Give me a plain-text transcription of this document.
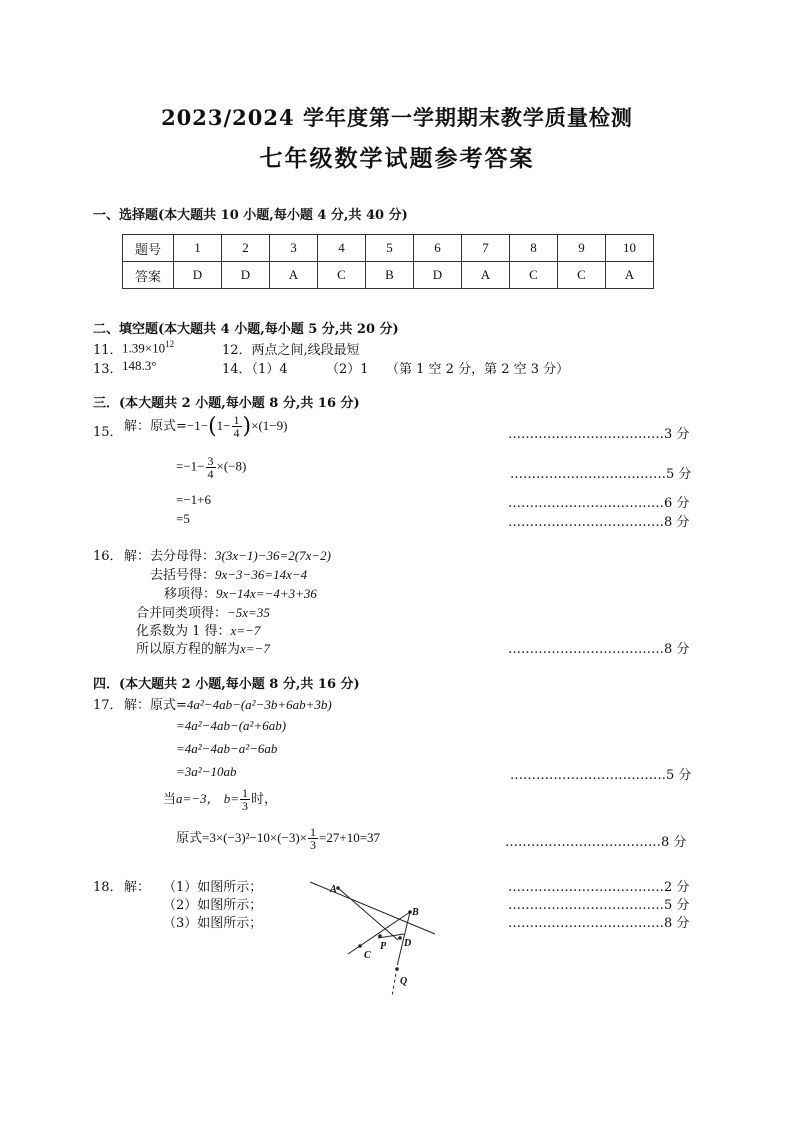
2023/2024 学年度第一学期期末教学质量检测
七年级数学试题参考答案
一、选择题(本大题共 10 小题,每小题 4 分,共 40 分)
题号	1	2	3	4	5	6	7	8	9	10
答案	D	D	A	C	B	D	A	C	C	A
二、填空题(本大题共 4 小题,每小题 5 分,共 20 分)
11． $1.39\times 10^{12}$	12．两点之间,线段最短
13． 148.3°	14．（1）4	（2）1 （第 1 空 2 分，第 2 空 3 分）
三．(本大题共 2 小题,每小题 8 分,共 16 分)
15． 解：原式$=-1-(1- \frac{1}{4} )\times(1-9)$
………………………………3 分
$=-1- \frac{3}{4} \times(-8)$
………………………………5 分
=−1+6	………………………………6 分
=5	………………………………8 分
16． 解：去分母得：3(3x−1)−36=2(7x−2)
去括号得：9x−3−36=14x−4
移项得：9x−14x=−4+3+36
合并同类项得：−5x=35
化系数为 1 得：x=−7
所以原方程的解为x=−7	………………………………8 分
四．(本大题共 2 小题,每小题 8 分,共 16 分)
17． 解：原式=4a²−4ab−(a²−3b+6ab+3b)
=4a²−4ab−(a²+6ab)
=4a²−4ab−a²−6ab
=3a²−10ab	………………………………5 分
当a=−3， $b= \frac{1}{3}$ 时，
原式$=3\times(-3)^2-10\times(-3)\times \frac{1}{3} =27+10=37$	………………………………8 分
18． 解： （1）如图所示；
（2）如图所示；
（3）如图所示；
………………………………2 分
………………………………5 分
………………………………8 分
A
B
C
D
P
Q
